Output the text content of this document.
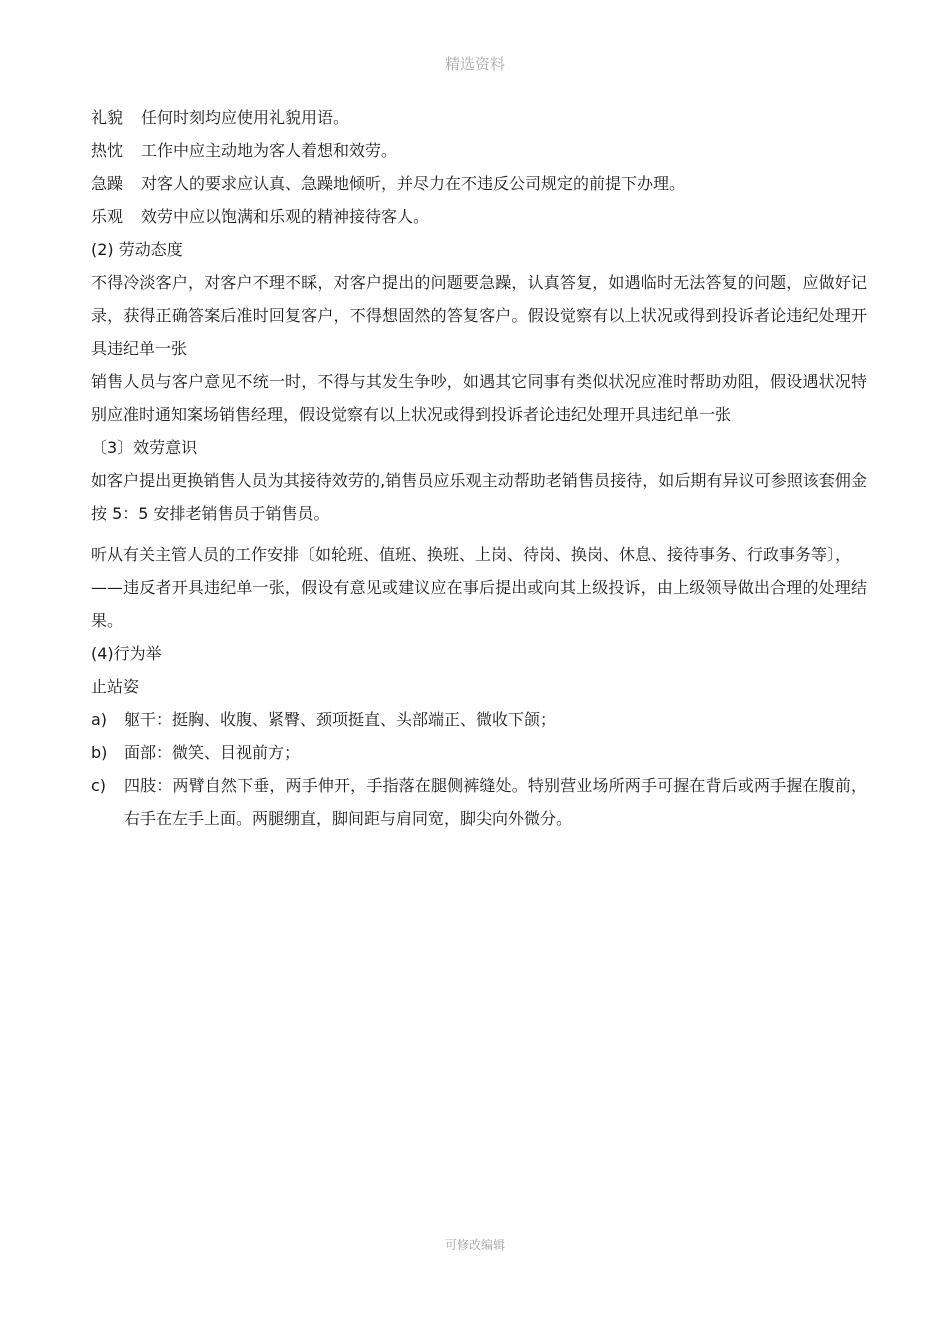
精选资料
礼貌 任何时刻均应使用礼貌用语。
热忱 工作中应主动地为客人着想和效劳。
急躁 对客人的要求应认真、急躁地倾听，并尽力在不违反公司规定的前提下办理。
乐观 效劳中应以饱满和乐观的精神接待客人。
(2) 劳动态度
不得冷淡客户，对客户不理不睬，对客户提出的问题要急躁，认真答复，如遇临时无法答复的问题，应做好记录，获得正确答案后准时回复客户，不得想固然的答复客户。假设觉察有以上状况或得到投诉者论违纪处理开具违纪单一张
销售人员与客户意见不统一时，不得与其发生争吵，如遇其它同事有类似状况应准时帮助劝阻，假设遇状况特别应准时通知案场销售经理，假设觉察有以上状况或得到投诉者论违纪处理开具违纪单一张
〔3〕效劳意识
如客户提出更换销售人员为其接待效劳的,销售员应乐观主动帮助老销售员接待，如后期有异议可参照该套佣金按 5：5 安排老销售员于销售员。
听从有关主管人员的工作安排〔如轮班、值班、换班、上岗、待岗、换岗、休息、接待事务、行政事务等〕，
——违反者开具违纪单一张，假设有意见或建议应在事后提出或向其上级投诉，由上级领导做出合理的处理结果。
(4)行为举
止站姿
a)	躯干：挺胸、收腹、紧臀、颈项挺直、头部端正、微收下颌；
b)	面部：微笑、目视前方；
c)	四肢：两臂自然下垂，两手伸开，手指落在腿侧裤缝处。特别营业场所两手可握在背后或两手握在腹前，右手在左手上面。两腿绷直，脚间距与肩同宽，脚尖向外微分。
可修改编辑
